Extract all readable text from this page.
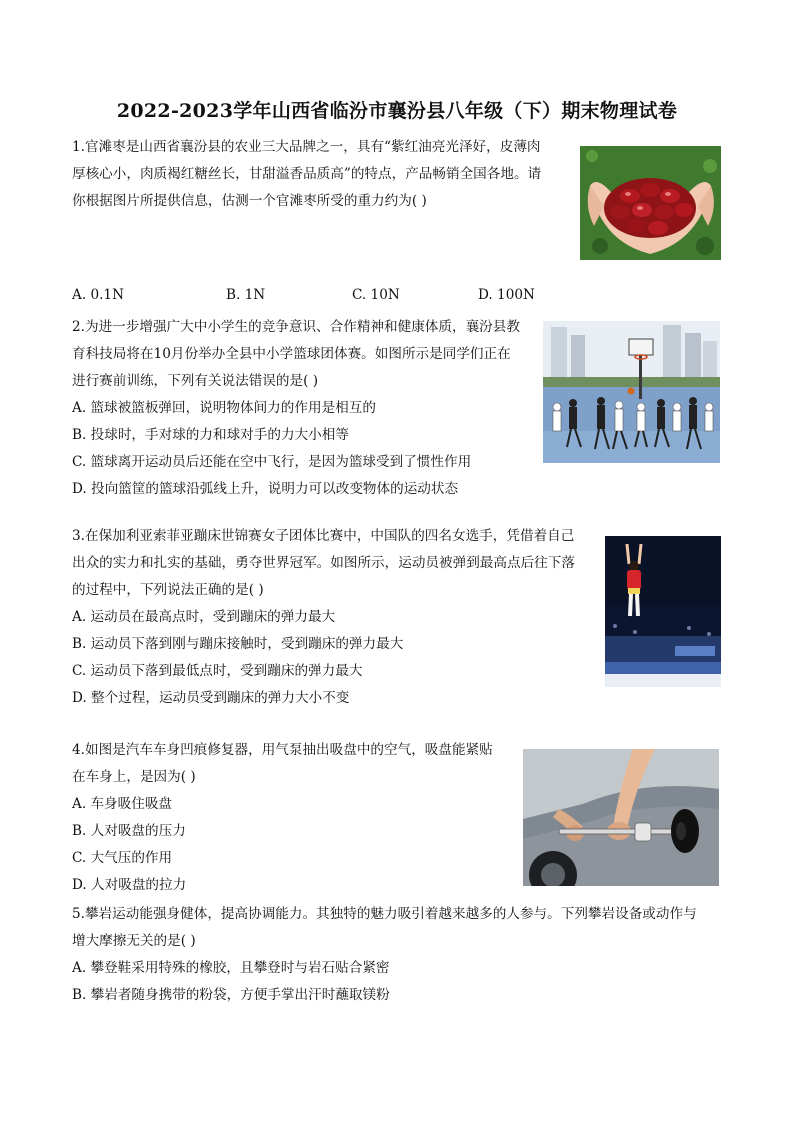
2022-2023学年山西省临汾市襄汾县八年级（下）期末物理试卷
1.官滩枣是山西省襄汾县的农业三大品牌之一，具有“紫红油亮光泽好，皮薄肉
厚核心小，肉质褐红糖丝长，甘甜溢香品质高”的特点，产品畅销全国各地。请
你根据图片所提供信息，估测一个官滩枣所受的重力约为( )
A. 0.1N	B. 1N	C. 10N	D. 100N
2.为进一步增强广大中小学生的竞争意识、合作精神和健康体质，襄汾县教
育科技局将在10月份举办全县中小学篮球团体赛。如图所示是同学们正在
进行赛前训练，下列有关说法错误的是( )
A. 篮球被篮板弹回，说明物体间力的作用是相互的
B. 投球时，手对球的力和球对手的力大小相等
C. 篮球离开运动员后还能在空中飞行，是因为篮球受到了惯性作用
D. 投向篮筐的篮球沿弧线上升，说明力可以改变物体的运动状态
3.在保加利亚索菲亚蹦床世锦赛女子团体比赛中，中国队的四名女选手，凭借着自己
出众的实力和扎实的基础，勇夺世界冠军。如图所示，运动员被弹到最高点后往下落
的过程中，下列说法正确的是( )
A. 运动员在最高点时，受到蹦床的弹力最大
B. 运动员下落到刚与蹦床接触时，受到蹦床的弹力最大
C. 运动员下落到最低点时，受到蹦床的弹力最大
D. 整个过程，运动员受到蹦床的弹力大小不变
4.如图是汽车车身凹痕修复器，用气泵抽出吸盘中的空气，吸盘能紧贴
在车身上，是因为( )
A. 车身吸住吸盘
B. 人对吸盘的压力
C. 大气压的作用
D. 人对吸盘的拉力
5.攀岩运动能强身健体，提高协调能力。其独特的魅力吸引着越来越多的人参与。下列攀岩设备或动作与
增大摩擦无关的是( )
A. 攀登鞋采用特殊的橡胶，且攀登时与岩石贴合紧密
B. 攀岩者随身携带的粉袋，方便手掌出汗时蘸取镁粉
